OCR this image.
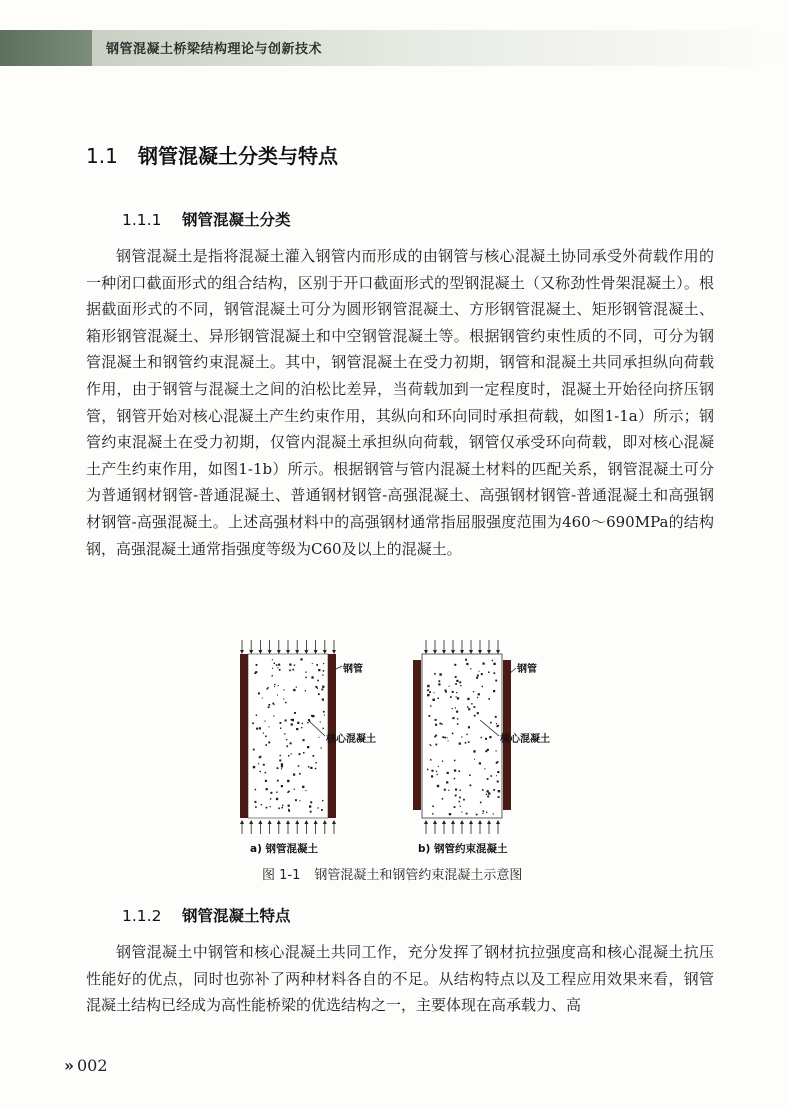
钢管混凝土桥梁结构理论与创新技术
1.1 钢管混凝土分类与特点
1.1.1 钢管混凝土分类
钢管混凝土是指将混凝土灌入钢管内而形成的由钢管与核心混凝土协同承受外荷载作用的一种闭口截面形式的组合结构，区别于开口截面形式的型钢混凝土（又称劲性骨架混凝土）。根据截面形式的不同，钢管混凝土可分为圆形钢管混凝土、方形钢管混凝土、矩形钢管混凝土、箱形钢管混凝土、异形钢管混凝土和中空钢管混凝土等。根据钢管约束性质的不同，可分为钢管混凝土和钢管约束混凝土。其中，钢管混凝土在受力初期，钢管和混凝土共同承担纵向荷载作用，由于钢管与混凝土之间的泊松比差异，当荷载加到一定程度时，混凝土开始径向挤压钢管，钢管开始对核心混凝土产生约束作用，其纵向和环向同时承担荷载，如图1-1a）所示；钢管约束混凝土在受力初期，仅管内混凝土承担纵向荷载，钢管仅承受环向荷载，即对核心混凝土产生约束作用，如图1-1b）所示。根据钢管与管内混凝土材料的匹配关系，钢管混凝土可分为普通钢材钢管-普通混凝土、普通钢材钢管-高强混凝土、高强钢材钢管-普通混凝土和高强钢材钢管-高强混凝土。上述高强材料中的高强钢材通常指屈服强度范围为460～690MPa的结构钢，高强混凝土通常指强度等级为C60及以上的混凝土。
钢管
核心混凝土
a) 钢管混凝土
钢管
核心混凝土
b) 钢管约束混凝土
图 1-1 钢管混凝土和钢管约束混凝土示意图
1.1.2 钢管混凝土特点
钢管混凝土中钢管和核心混凝土共同工作，充分发挥了钢材抗拉强度高和核心混凝土抗压性能好的优点，同时也弥补了两种材料各自的不足。从结构特点以及工程应用效果来看，钢管混凝土结构已经成为高性能桥梁的优选结构之一，主要体现在高承载力、高
» 002
